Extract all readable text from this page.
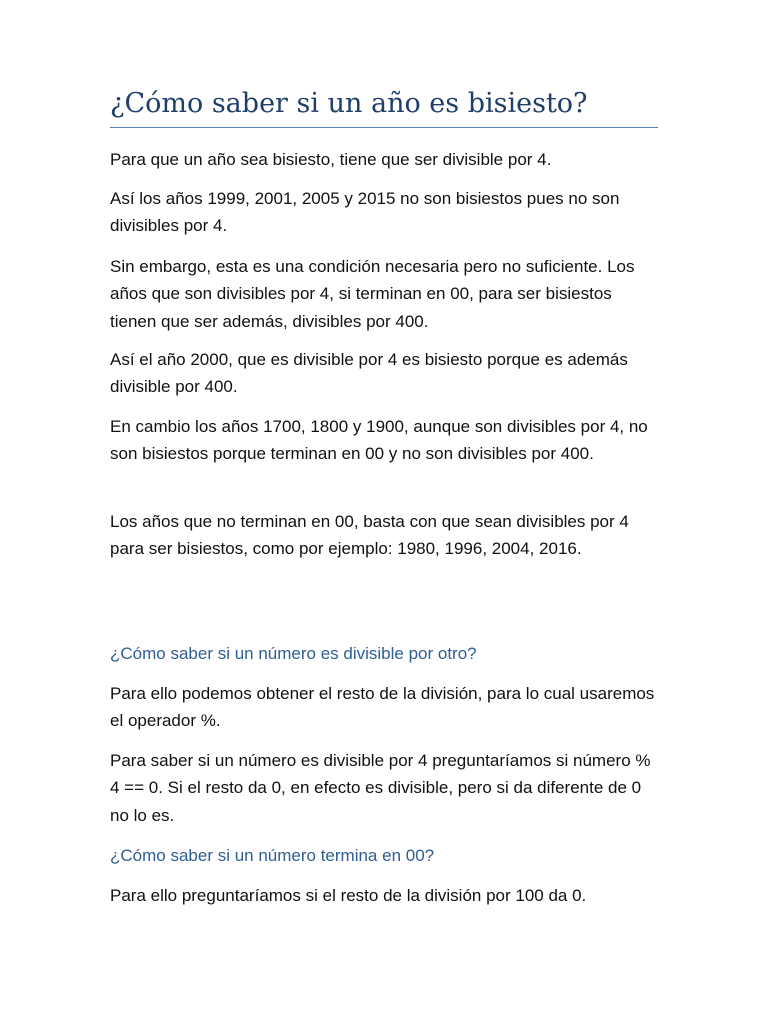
¿Cómo saber si un año es bisiesto?

Para que un año sea bisiesto, tiene que ser divisible por 4.

Así los años 1999, 2001, 2005 y 2015 no son bisiestos pues no son divisibles por 4.

Sin embargo, esta es una condición necesaria pero no suficiente. Los años que son divisibles por 4, si terminan en 00, para ser bisiestos tienen que ser además, divisibles por 400.

Así el año 2000, que es divisible por 4 es bisiesto porque es además divisible por 400.

En cambio los años 1700, 1800 y 1900, aunque son divisibles por 4, no son bisiestos porque terminan en 00 y no son divisibles por 400.

Los años que no terminan en 00, basta con que sean divisibles por 4 para ser bisiestos, como por ejemplo: 1980, 1996, 2004, 2016.

¿Cómo saber si un número es divisible por otro?

Para ello podemos obtener el resto de la división, para lo cual usaremos el operador %.

Para saber si un número es divisible por 4 preguntaríamos si número % 4 == 0. Si el resto da 0, en efecto es divisible, pero si da diferente de 0 no lo es.

¿Cómo saber si un número termina en 00?

Para ello preguntaríamos si el resto de la división por 100 da 0.
